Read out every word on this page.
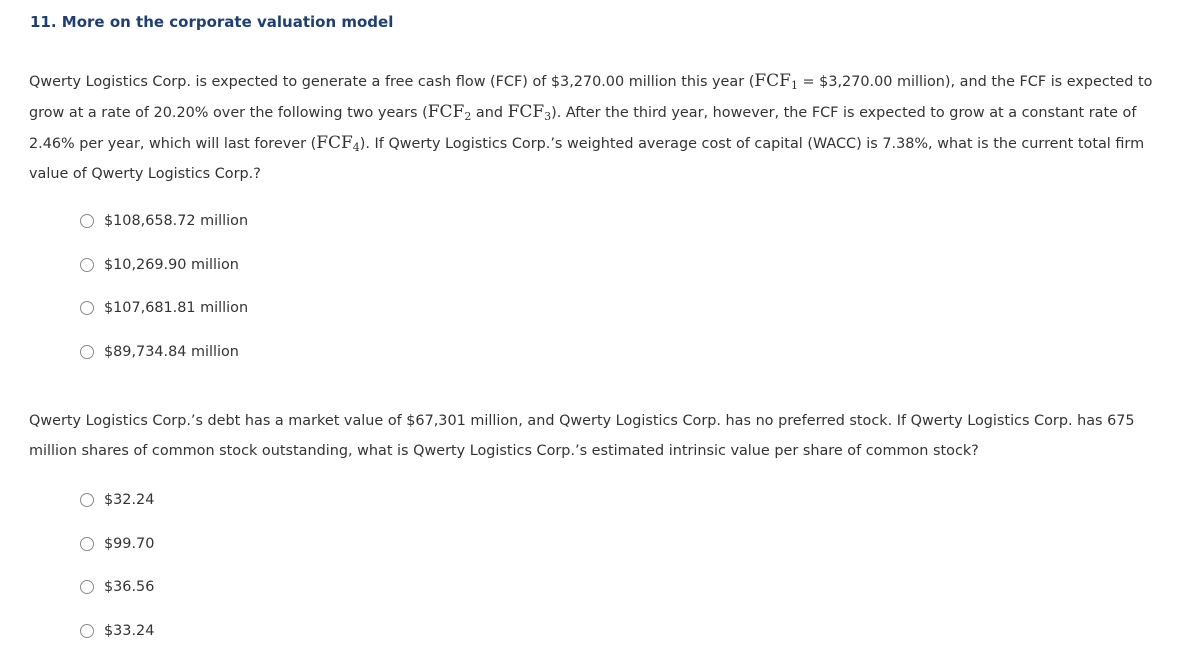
11. More on the corporate valuation model

Qwerty Logistics Corp. is expected to generate a free cash flow (FCF) of $3,270.00 million this year ($FCF_1$ = $3,270.00 million), and the FCF is expected to grow at a rate of 20.20% over the following two years ($FCF_2$ and $FCF_3$). After the third year, however, the FCF is expected to grow at a constant rate of 2.46% per year, which will last forever $(FCF_4)$. If Qwerty Logistics Corp.’s weighted average cost of capital (WACC) is 7.38%, what is the current total firm value of Qwerty Logistics Corp.?

$108,658.72 million
$10,269.90 million
$107,681.81 million
$89,734.84 million

Qwerty Logistics Corp.’s debt has a market value of $67,301 million, and Qwerty Logistics Corp. has no preferred stock. If Qwerty Logistics Corp. has 675 million shares of common stock outstanding, what is Qwerty Logistics Corp.’s estimated intrinsic value per share of common stock?

$32.24
$99.70
$36.56
$33.24
